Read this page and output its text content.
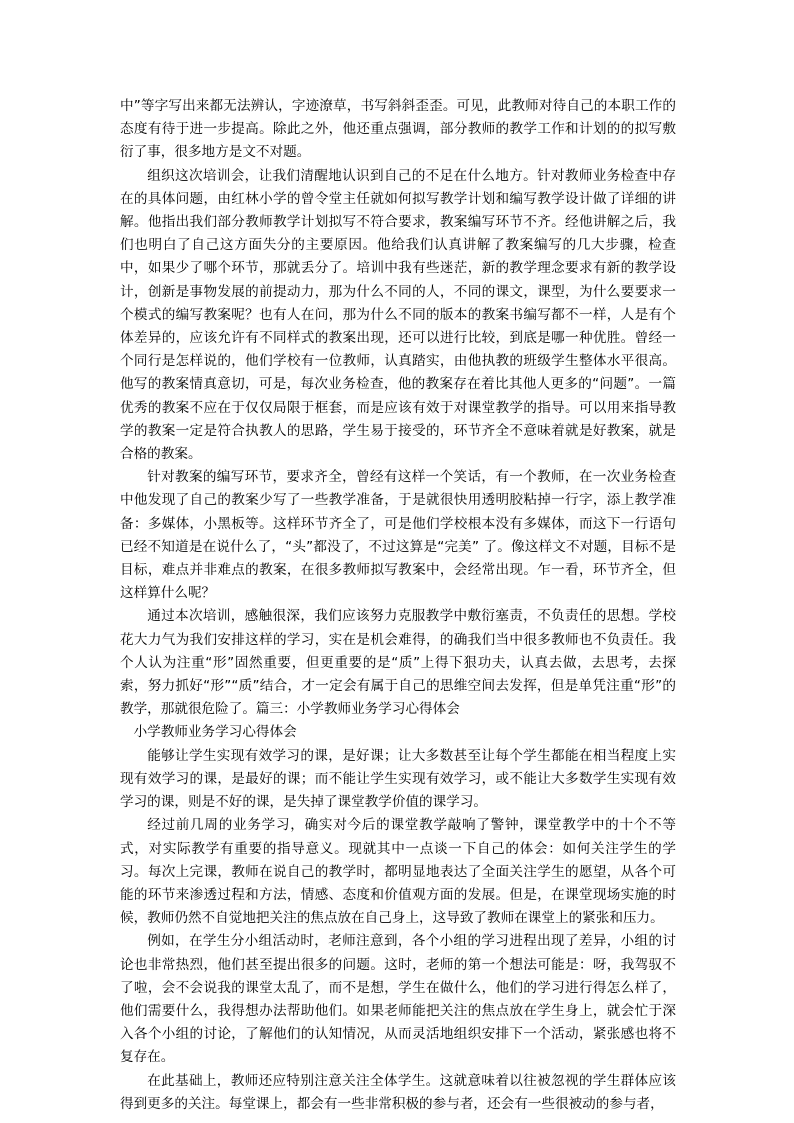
中”等字写出来都无法辨认，字迹潦草，书写斜斜歪歪。可见，此教师对待自己的本职工作的态度有待于进一步提高。除此之外，他还重点强调，部分教师的教学工作和计划的的拟写敷衍了事，很多地方是文不对题。

组织这次培训会，让我们清醒地认识到自己的不足在什么地方。针对教师业务检查中存在的具体问题，由红林小学的曾令堂主任就如何拟写教学计划和编写教学设计做了详细的讲解。他指出我们部分教师教学计划拟写不符合要求，教案编写环节不齐。经他讲解之后，我们也明白了自己这方面失分的主要原因。他给我们认真讲解了教案编写的几大步骤，检查中，如果少了哪个环节，那就丢分了。培训中我有些迷茫，新的教学理念要求有新的教学设计，创新是事物发展的前提动力，那为什么不同的人，不同的课文，课型，为什么要要求一个模式的编写教案呢？也有人在问，那为什么不同的版本的教案书编写都不一样，人是有个体差异的，应该允许有不同样式的教案出现，还可以进行比较，到底是哪一种优胜。曾经一个同行是怎样说的，他们学校有一位教师，认真踏实，由他执教的班级学生整体水平很高。他写的教案情真意切，可是，每次业务检查，他的教案存在着比其他人更多的“问题”。一篇优秀的教案不应在于仅仅局限于框套，而是应该有效于对课堂教学的指导。可以用来指导教学的教案一定是符合执教人的思路，学生易于接受的，环节齐全不意味着就是好教案，就是合格的教案。

针对教案的编写环节，要求齐全，曾经有这样一个笑话，有一个教师，在一次业务检查中他发现了自己的教案少写了一些教学准备，于是就很快用透明胶粘掉一行字，添上教学准备：多媒体，小黑板等。这样环节齐全了，可是他们学校根本没有多媒体，而这下一行语句已经不知道是在说什么了，“头”都没了，不过这算是“完美” 了。像这样文不对题，目标不是目标，难点并非难点的教案，在很多教师拟写教案中，会经常出现。乍一看，环节齐全，但这样算什么呢？

通过本次培训，感触很深，我们应该努力克服教学中敷衍塞责，不负责任的思想。学校花大力气为我们安排这样的学习，实在是机会难得，的确我们当中很多教师也不负责任。我个人认为注重“形”固然重要，但更重要的是“质”上得下狠功夫，认真去做，去思考，去探索，努力抓好“形”“质”结合，才一定会有属于自己的思维空间去发挥，但是单凭注重“形”的教学，那就很危险了。篇三：小学教师业务学习心得体会

小学教师业务学习心得体会

能够让学生实现有效学习的课，是好课；让大多数甚至让每个学生都能在相当程度上实现有效学习的课，是最好的课；而不能让学生实现有效学习，或不能让大多数学生实现有效学习的课，则是不好的课，是失掉了课堂教学价值的课学习。

经过前几周的业务学习，确实对今后的课堂教学敲响了警钟，课堂教学中的十个不等式，对实际教学有重要的指导意义。现就其中一点谈一下自己的体会：如何关注学生的学习。每次上完课，教师在说自己的教学时，都明显地表达了全面关注学生的愿望，从各个可能的环节来渗透过程和方法，情感、态度和价值观方面的发展。但是，在课堂现场实施的时候，教师仍然不自觉地把关注的焦点放在自己身上，这导致了教师在课堂上的紧张和压力。

例如，在学生分小组活动时，老师注意到，各个小组的学习进程出现了差异，小组的讨论也非常热烈，他们甚至提出很多的问题。这时，老师的第一个想法可能是：呀，我驾驭不了啦，会不会说我的课堂太乱了，而不是想，学生在做什么，他们的学习进行得怎么样了，他们需要什么，我得想办法帮助他们。如果老师能把关注的焦点放在学生身上，就会忙于深入各个小组的讨论，了解他们的认知情况，从而灵活地组织安排下一个活动，紧张感也将不复存在。

在此基础上，教师还应特别注意关注全体学生。这就意味着以往被忽视的学生群体应该得到更多的关注。每堂课上，都会有一些非常积极的参与者，还会有一些很被动的参与者，
